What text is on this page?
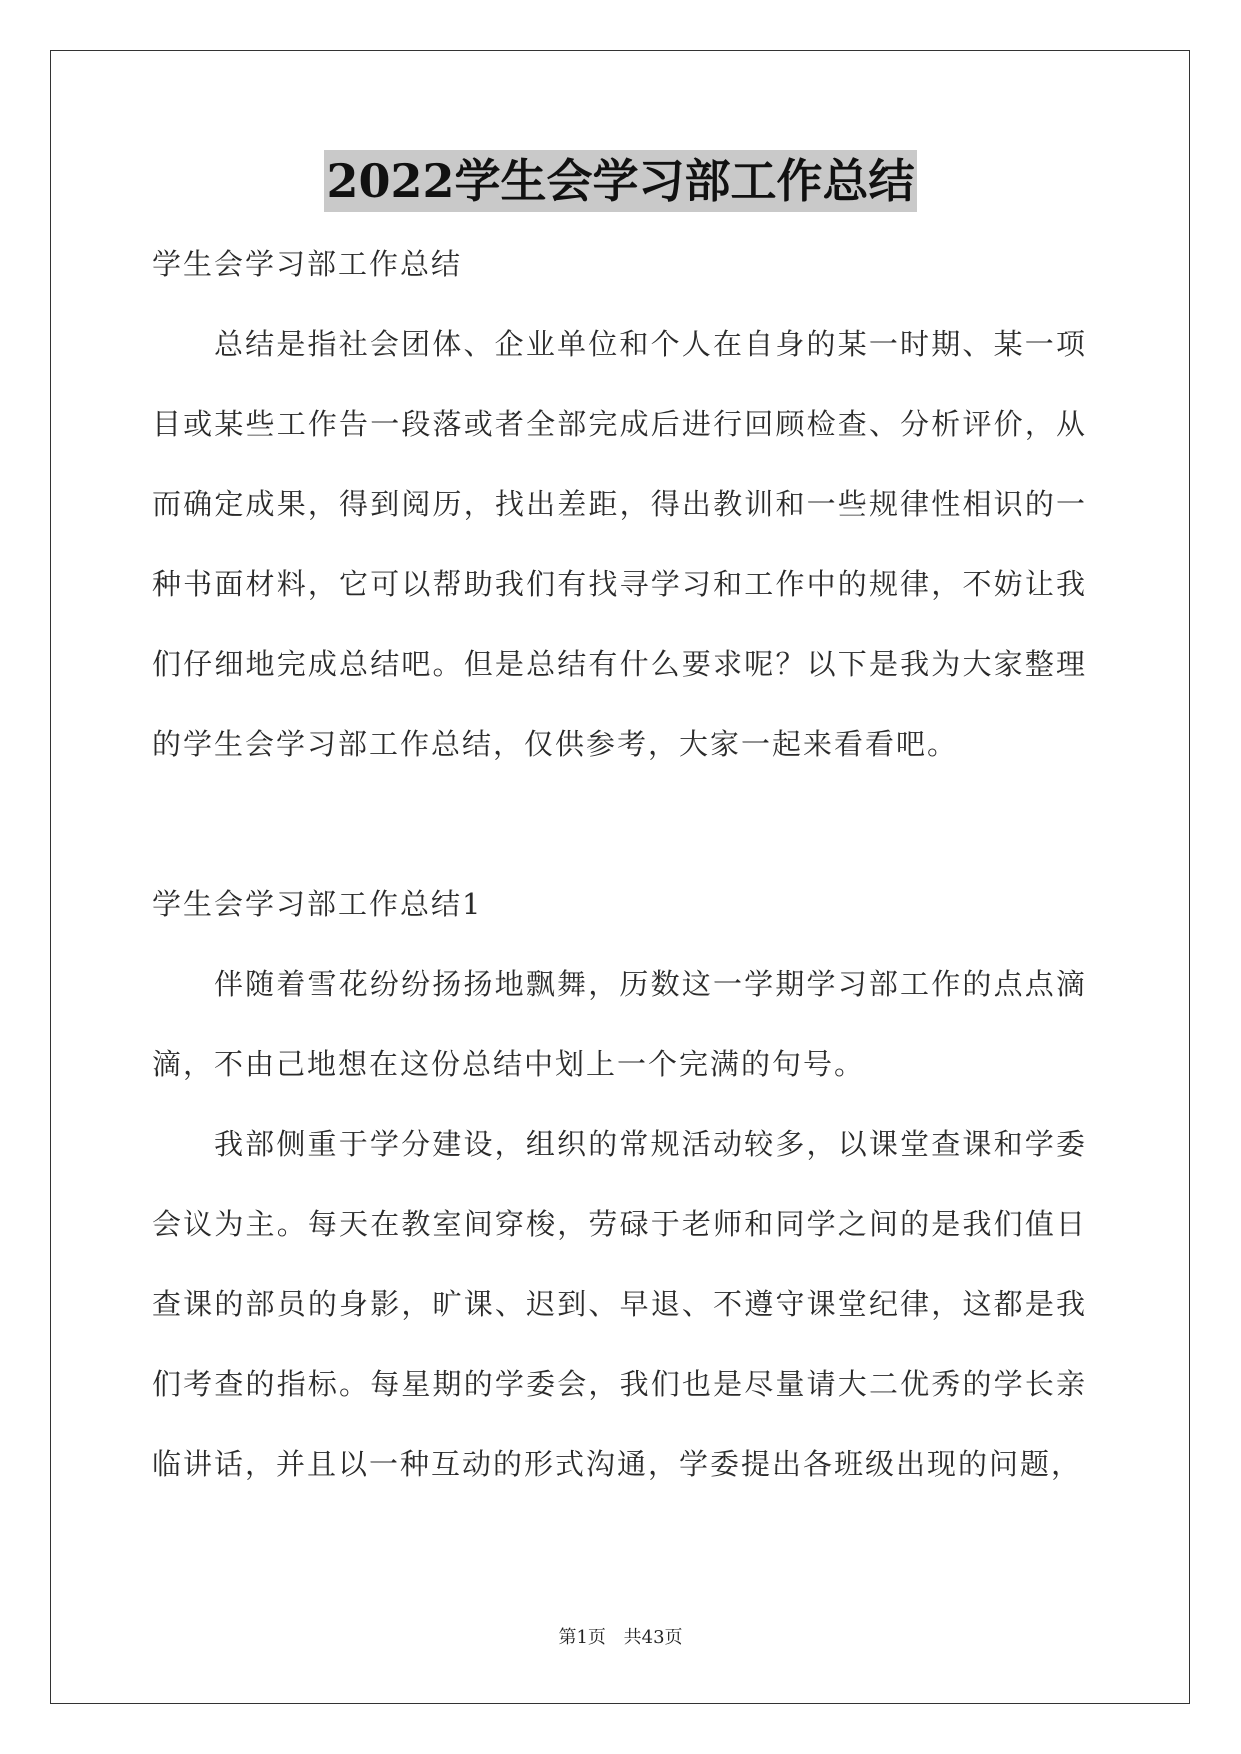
2022学生会学习部工作总结

学生会学习部工作总结

总结是指社会团体、企业单位和个人在自身的某一时期、某一项目或某些工作告一段落或者全部完成后进行回顾检查、分析评价，从而确定成果，得到阅历，找出差距，得出教训和一些规律性相识的一种书面材料，它可以帮助我们有找寻学习和工作中的规律，不妨让我们仔细地完成总结吧。但是总结有什么要求呢？以下是我为大家整理的学生会学习部工作总结，仅供参考，大家一起来看看吧。

学生会学习部工作总结1

伴随着雪花纷纷扬扬地飘舞，历数这一学期学习部工作的点点滴滴，不由己地想在这份总结中划上一个完满的句号。

我部侧重于学分建设，组织的常规活动较多，以课堂查课和学委会议为主。每天在教室间穿梭，劳碌于老师和同学之间的是我们值日查课的部员的身影，旷课、迟到、早退、不遵守课堂纪律，这都是我们考查的指标。每星期的学委会，我们也是尽量请大二优秀的学长亲临讲话，并且以一种互动的形式沟通，学委提出各班级出现的问题，

第1页 共43页
